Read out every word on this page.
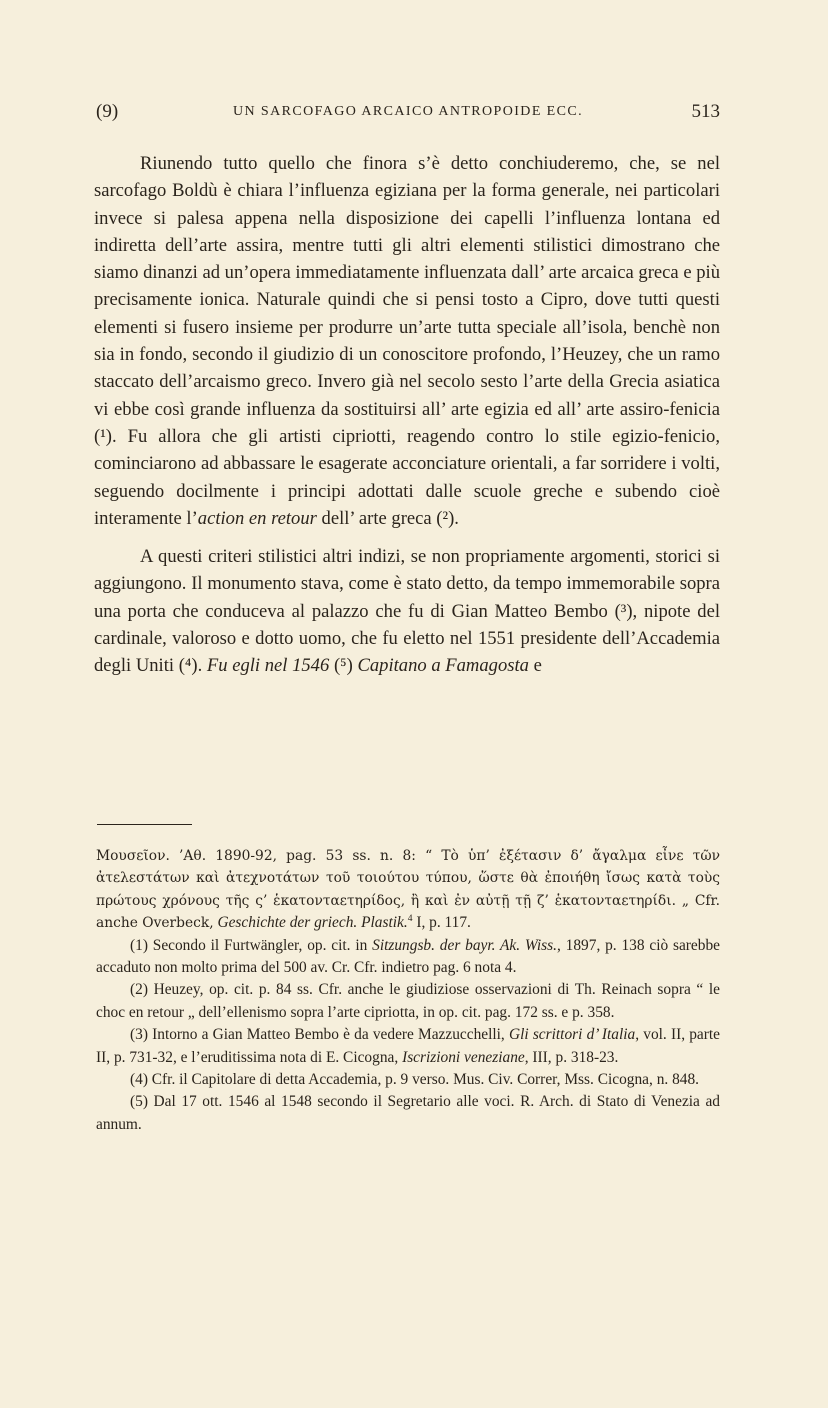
(9)	UN SARCOFAGO ARCAICO ANTROPOIDE ECC.	513

Riunendo tutto quello che finora s’è detto conchiuderemo, che, se nel sarcofago Boldù è chiara l’influenza egiziana per la forma generale, nei particolari invece si palesa appena nella disposizione dei capelli l’influenza lontana ed indiretta dell’arte assira, mentre tutti gli altri elementi stilistici dimostrano che siamo dinanzi ad un’opera immediatamente influenzata dall’ arte arcaica greca e più precisamente ionica. Naturale quindi che si pensi tosto a Cipro, dove tutti questi elementi si fusero insieme per produrre un’arte tutta speciale all’isola, benchè non sia in fondo, secondo il giudizio di un conoscitore profondo, l’Heuzey, che un ramo staccato dell’arcaismo greco. Invero già nel secolo sesto l’arte della Grecia asiatica vi ebbe così grande influenza da sostituirsi all’ arte egizia ed all’ arte assiro-fenicia (¹). Fu allora che gli artisti cipriotti, reagendo contro lo stile egizio-fenicio, cominciarono ad abbassare le esagerate acconciature orientali, a far sorridere i volti, seguendo docilmente i principi adottati dalle scuole greche e subendo cioè interamente l’action en retour dell’ arte greca (²).

A questi criteri stilistici altri indizi, se non propriamente argomenti, storici si aggiungono. Il monumento stava, come è stato detto, da tempo immemorabile sopra una porta che conduceva al palazzo che fu di Gian Matteo Bembo (³), nipote del cardinale, valoroso e dotto uomo, che fu eletto nel 1551 presidente dell’Accademia degli Uniti (⁴). Fu egli nel 1546 (⁵) Capitano a Famagosta e

Μουσεῖον. ’Αθ. 1890-92, pag. 53 ss. n. 8: “ Τὸ ὑπ’ ἐξέτασιν δ’ ἄγαλμα εἶνε τῶν ἀτελεστάτων καὶ ἀτεχνοτάτων τοῦ τοιούτου τύπου, ὥστε θὰ ἐποιήθη ἴσως κατὰ τοὺς πρώτους χρόνους τῆς ς’ ἑκατονταετηρίδος, ἢ καὶ ἐν αὐτῇ τῇ ζ’ ἑκατονταετηρίδι. „ Cfr. anche Overbeck, Geschichte der griech. Plastik.$^4$ I, p. 117.

(1) Secondo il Furtwängler, op. cit. in Sitzungsb. der bayr. Ak. Wiss., 1897, p. 138 ciò sarebbe accaduto non molto prima del 500 av. Cr. Cfr. indietro pag. 6 nota 4.

(2) Heuzey, op. cit. p. 84 ss. Cfr. anche le giudiziose osservazioni di Th. Reinach sopra “ le choc en retour „ dell’ellenismo sopra l’arte cipriotta, in op. cit. pag. 172 ss. e p. 358.

(3) Intorno a Gian Matteo Bembo è da vedere Mazzucchelli, Gli scrittori d’ Italia, vol. II, parte II, p. 731-32, e l’eruditissima nota di E. Cicogna, Iscrizioni veneziane, III, p. 318-23.

(4) Cfr. il Capitolare di detta Accademia, p. 9 verso. Mus. Civ. Correr, Mss. Cicogna, n. 848.

(5) Dal 17 ott. 1546 al 1548 secondo il Segretario alle voci. R. Arch. di Stato di Venezia ad annum.
